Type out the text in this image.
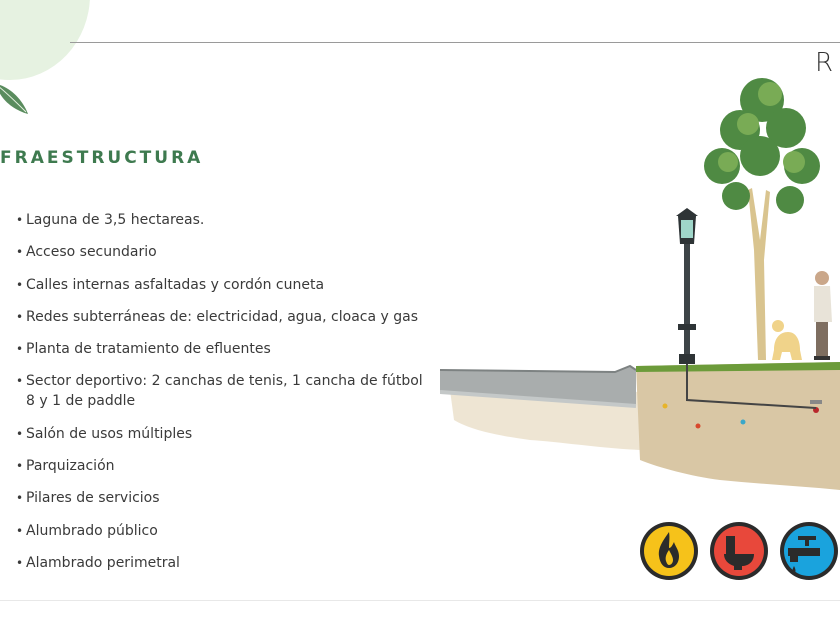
R
FRAESTRUCTURA
• Laguna de 3,5 hectareas.
• Acceso secundario
• Calles internas asfaltadas y cordón cuneta
• Redes subterráneas de: electricidad, agua, cloaca y gas
• Planta de tratamiento de efluentes
• Sector deportivo: 2 canchas de tenis, 1 cancha de fútbol 8 y 1 de paddle
• Salón de usos múltiples
• Parquización
• Pilares de servicios
• Alumbrado público
• Alambrado perimetral
